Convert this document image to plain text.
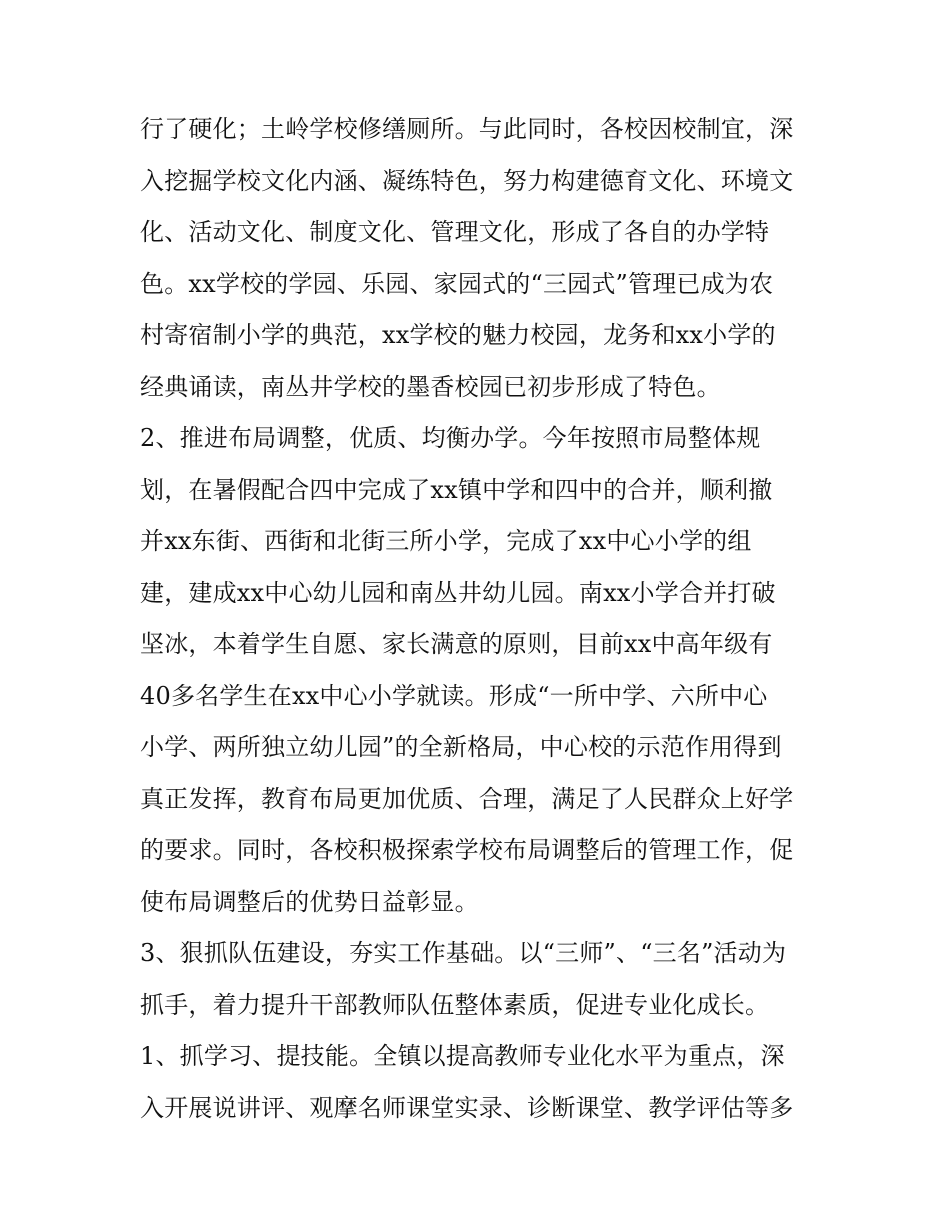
行了硬化；土岭学校修缮厕所。与此同时，各校因校制宜，深
入挖掘学校文化内涵、凝练特色，努力构建德育文化、环境文
化、活动文化、制度文化、管理文化，形成了各自的办学特
色。xx学校的学园、乐园、家园式的“三园式”管理已成为农
村寄宿制小学的典范，xx学校的魅力校园，龙务和xx小学的
经典诵读，南丛井学校的墨香校园已初步形成了特色。
2、推进布局调整，优质、均衡办学。今年按照市局整体规
划，在暑假配合四中完成了xx镇中学和四中的合并，顺利撤
并xx东街、西街和北街三所小学，完成了xx中心小学的组
建，建成xx中心幼儿园和南丛井幼儿园。南xx小学合并打破
坚冰，本着学生自愿、家长满意的原则，目前xx中高年级有
40多名学生在xx中心小学就读。形成“一所中学、六所中心
小学、两所独立幼儿园”的全新格局，中心校的示范作用得到
真正发挥，教育布局更加优质、合理，满足了人民群众上好学
的要求。同时，各校积极探索学校布局调整后的管理工作，促
使布局调整后的优势日益彰显。
3、狠抓队伍建设，夯实工作基础。以“三师”、“三名”活动为
抓手，着力提升干部教师队伍整体素质，促进专业化成长。
1、抓学习、提技能。全镇以提高教师专业化水平为重点，深
入开展说讲评、观摩名师课堂实录、诊断课堂、教学评估等多
